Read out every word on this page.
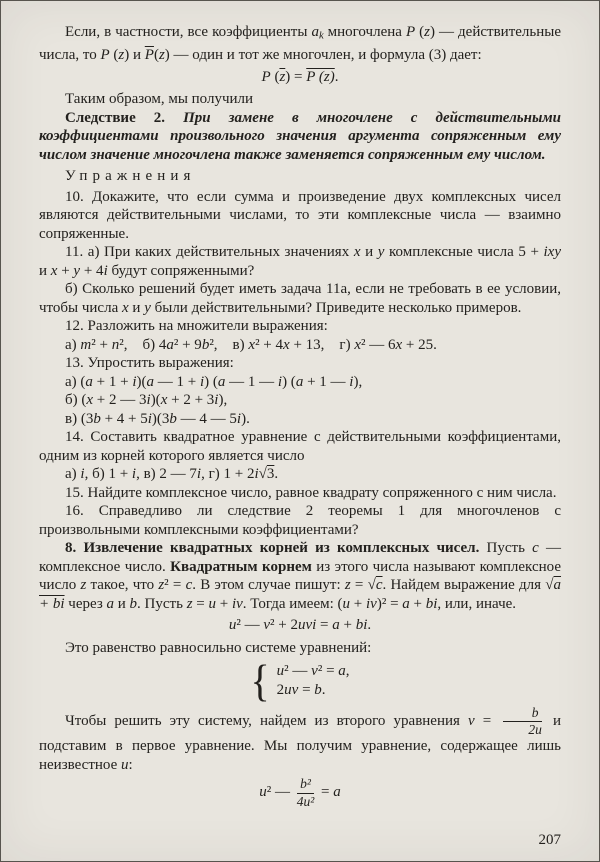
Если, в частности, все коэффициенты $a_k$ многочлена P (z) — действительные числа, то P (z) и $\overline{P}(z)$ — один и тот же многочлен, и формула (3) дает:
P $(\overline{z}) = P$ (z).
Таким образом, мы получили
Следствие 2. При замене в многочлене с действительными коэффициентами произвольного значения аргумента сопряженным ему числом значение многочлена также заменяется сопряженным ему числом.
Упражнения
10. Докажите, что если сумма и произведение двух комплексных чисел являются действительными числами, то эти комплексные числа — взаимно сопряженные.
11. а) При каких действительных значениях x и y комплексные числа 5 + ixy и x + y + 4i будут сопряженными?
б) Сколько решений будет иметь задача 11а, если не требовать в ее условии, чтобы числа x и y были действительными? Приведите несколько примеров.
12. Разложить на множители выражения:
а) m² + n², б) 4a² + 9b², в) x² + 4x + 13, г) x² — 6x + 25.
13. Упростить выражения:
а) (a + 1 + i)(a — 1 + i) (a — 1 — i) (a + 1 — i),
б) (x + 2 — 3i)(x + 2 + 3i),
в) (3b + 4 + 5i)(3b — 4 — 5i).
14. Составить квадратное уравнение с действительными коэффициентами, одним из корней которого является число
а) i, б) 1 + i, в) 2 — 7i, г) 1 + 2i√3.
15. Найдите комплексное число, равное квадрату сопряженного с ним числа.
16. Справедливо ли следствие 2 теоремы 1 для многочленов с произвольными комплексными коэффициентами?
8. Извлечение квадратных корней из комплексных чисел. Пусть c — комплексное число. Квадратным корнем из этого числа называют комплексное число z такое, что z² = c. В этом случае пишут: z = √c. Найдем выражение для √a + bi через a и b. Пусть z = u + iv. Тогда имеем: (u + iv)² = a + bi, или, иначе.
u² — v² + 2uvi = a + bi.
Это равенство равносильно системе уравнений:
{ u² — v² = a,
2uv = b.
Чтобы решить эту систему, найдем из второго уравнения $v = \frac{b}{2u}$ и подставим в первое уравнение. Мы получим уравнение, содержащее лишь неизвестное u:
u² — $\frac{\text{b²}}{\text{4u²}} = a$
207
